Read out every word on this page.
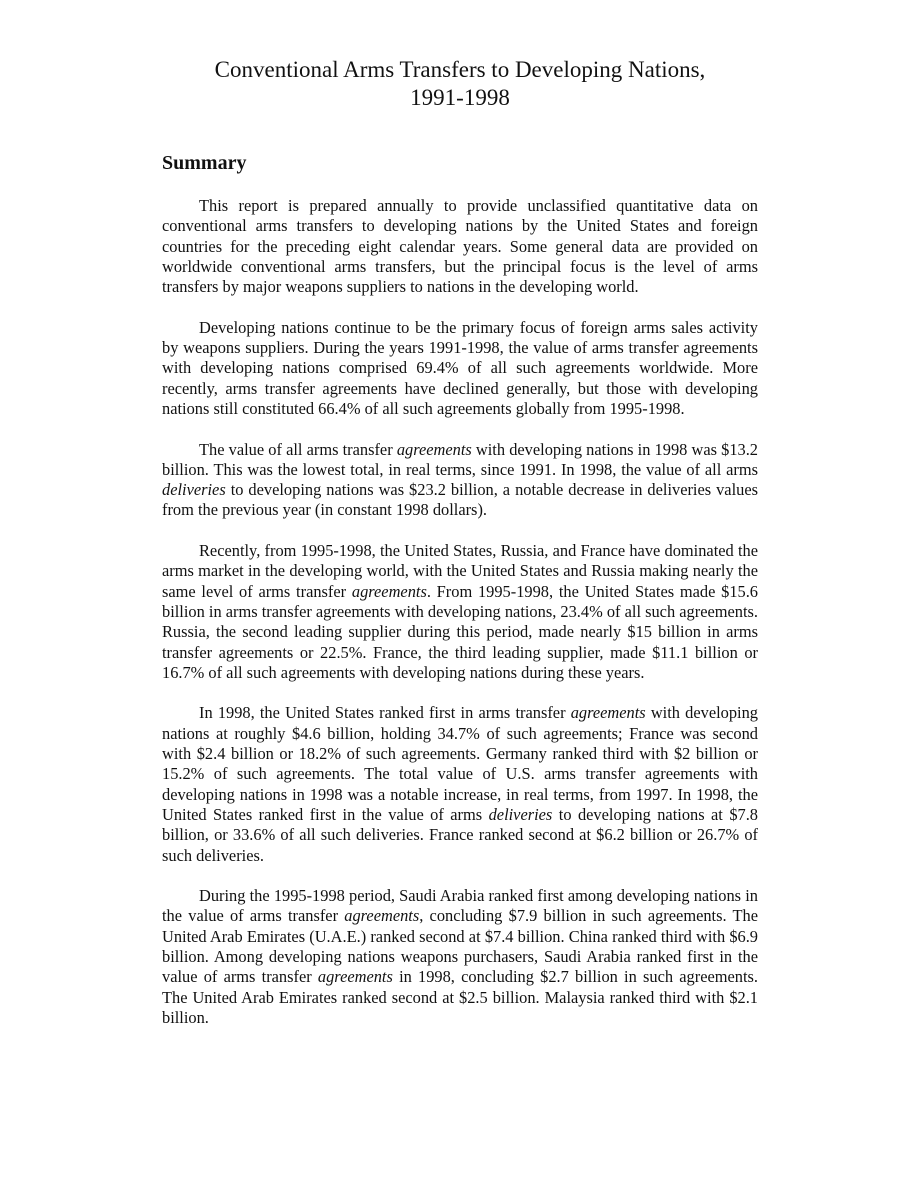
Conventional Arms Transfers to Developing Nations,
1991-1998
Summary

This report is prepared annually to provide unclassified quantitative data on conventional arms transfers to developing nations by the United States and foreign countries for the preceding eight calendar years. Some general data are provided on worldwide conventional arms transfers, but the principal focus is the level of arms transfers by major weapons suppliers to nations in the developing world.

Developing nations continue to be the primary focus of foreign arms sales activity by weapons suppliers. During the years 1991-1998, the value of arms transfer agreements with developing nations comprised 69.4% of all such agreements worldwide. More recently, arms transfer agreements have declined generally, but those with developing nations still constituted 66.4% of all such agreements globally from 1995-1998.

The value of all arms transfer agreements with developing nations in 1998 was $13.2 billion. This was the lowest total, in real terms, since 1991. In 1998, the value of all arms deliveries to developing nations was $23.2 billion, a notable decrease in deliveries values from the previous year (in constant 1998 dollars).

Recently, from 1995-1998, the United States, Russia, and France have dominated the arms market in the developing world, with the United States and Russia making nearly the same level of arms transfer agreements. From 1995-1998, the United States made $15.6 billion in arms transfer agreements with developing nations, 23.4% of all such agreements. Russia, the second leading supplier during this period, made nearly $15 billion in arms transfer agreements or 22.5%. France, the third leading supplier, made $11.1 billion or 16.7% of all such agreements with developing nations during these years.

In 1998, the United States ranked first in arms transfer agreements with developing nations at roughly $4.6 billion, holding 34.7% of such agreements; France was second with $2.4 billion or 18.2% of such agreements. Germany ranked third with $2 billion or 15.2% of such agreements. The total value of U.S. arms transfer agreements with developing nations in 1998 was a notable increase, in real terms, from 1997. In 1998, the United States ranked first in the value of arms deliveries to developing nations at $7.8 billion, or 33.6% of all such deliveries. France ranked second at $6.2 billion or 26.7% of such deliveries.

During the 1995-1998 period, Saudi Arabia ranked first among developing nations in the value of arms transfer agreements, concluding $7.9 billion in such agreements. The United Arab Emirates (U.A.E.) ranked second at $7.4 billion. China ranked third with $6.9 billion. Among developing nations weapons purchasers, Saudi Arabia ranked first in the value of arms transfer agreements in 1998, concluding $2.7 billion in such agreements. The United Arab Emirates ranked second at $2.5 billion. Malaysia ranked third with $2.1 billion.
